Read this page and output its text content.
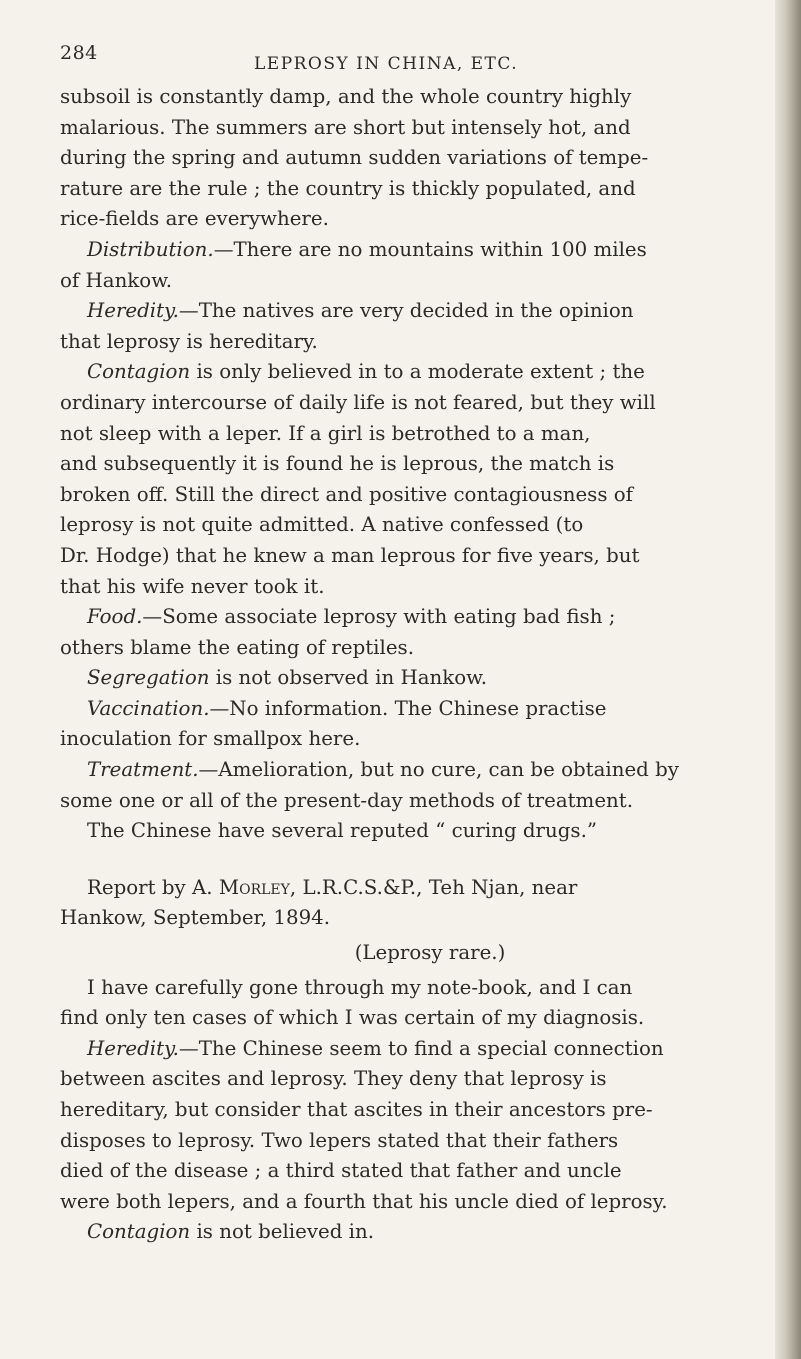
284	LEPROSY IN CHINA, ETC.
subsoil is constantly damp, and the whole country highly
malarious. The summers are short but intensely hot, and
during the spring and autumn sudden variations of tempe-
rature are the rule ; the country is thickly populated, and
rice-fields are everywhere.
Distribution.—There are no mountains within 100 miles
of Hankow.
Heredity.—The natives are very decided in the opinion
that leprosy is hereditary.
Contagion is only believed in to a moderate extent ; the
ordinary intercourse of daily life is not feared, but they will
not sleep with a leper. If a girl is betrothed to a man,
and subsequently it is found he is leprous, the match is
broken off. Still the direct and positive contagiousness of
leprosy is not quite admitted. A native confessed (to
Dr. Hodge) that he knew a man leprous for five years, but
that his wife never took it.
Food.—Some associate leprosy with eating bad fish ;
others blame the eating of reptiles.
Segregation is not observed in Hankow.
Vaccination.—No information. The Chinese practise
inoculation for smallpox here.
Treatment.—Amelioration, but no cure, can be obtained by
some one or all of the present-day methods of treatment.
The Chinese have several reputed “ curing drugs.”
Report by A. Morley, L.R.C.S.&P., Teh Njan, near
Hankow, September, 1894.
(Leprosy rare.)
I have carefully gone through my note-book, and I can
find only ten cases of which I was certain of my diagnosis.
Heredity.—The Chinese seem to find a special connection
between ascites and leprosy. They deny that leprosy is
hereditary, but consider that ascites in their ancestors pre-
disposes to leprosy. Two lepers stated that their fathers
died of the disease ; a third stated that father and uncle
were both lepers, and a fourth that his uncle died of leprosy.
Contagion is not believed in.
